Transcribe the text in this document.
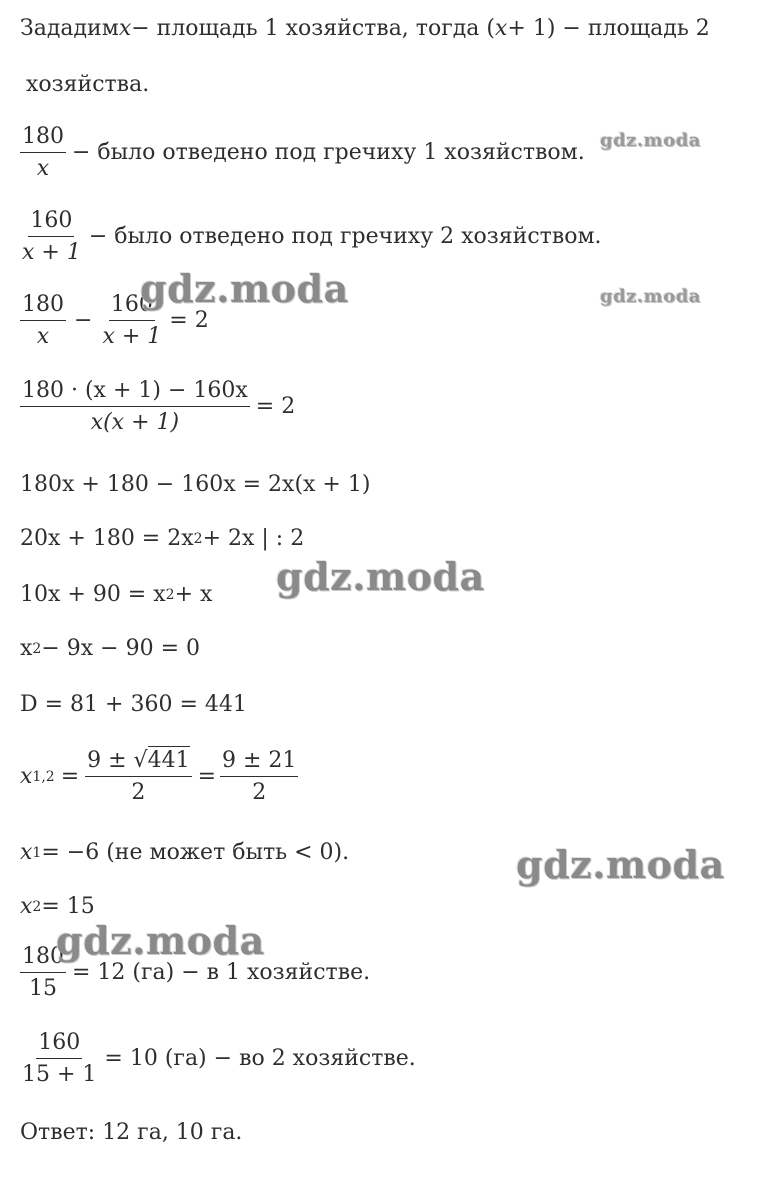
Зададим x − площадь 1 хозяйства, тогда ( x + 1) − площадь 2
хозяйства.
$\frac{180}{x}$ − было отведено под гречиху 1 хозяйством.
$\frac{160}{x + 1}$ − было отведено под гречиху 2 хозяйством.
$\frac{180}{x} - \frac{160}{x + 1} = 2$
$\frac{180 \cdot (x + 1) - 160x}{x(x + 1)} = 2$
180x + 180 − 160x = 2x(x + 1)
20x + 180 = 2x 2 + 2x | : 2
10x + 90 = x 2 + x
x 2 − 9x − 90 = 0
D = 81 + 360 = 441
x $1,2 = \frac{9 \pm √441}{2} = \frac{9 \pm 21}{2}$
x 1 = −6 (не может быть < 0).
x 2 = 15
$\frac{180}{15} = 12$ (га) − в 1 хозяйстве.
$\frac{160}{15 + 1} = 10$ (га) − во 2 хозяйстве.
Ответ: 12 га, 10 га.
gdz.moda
gdz.moda	gdz.moda
gdz.moda
gdz.moda
gdz.moda
